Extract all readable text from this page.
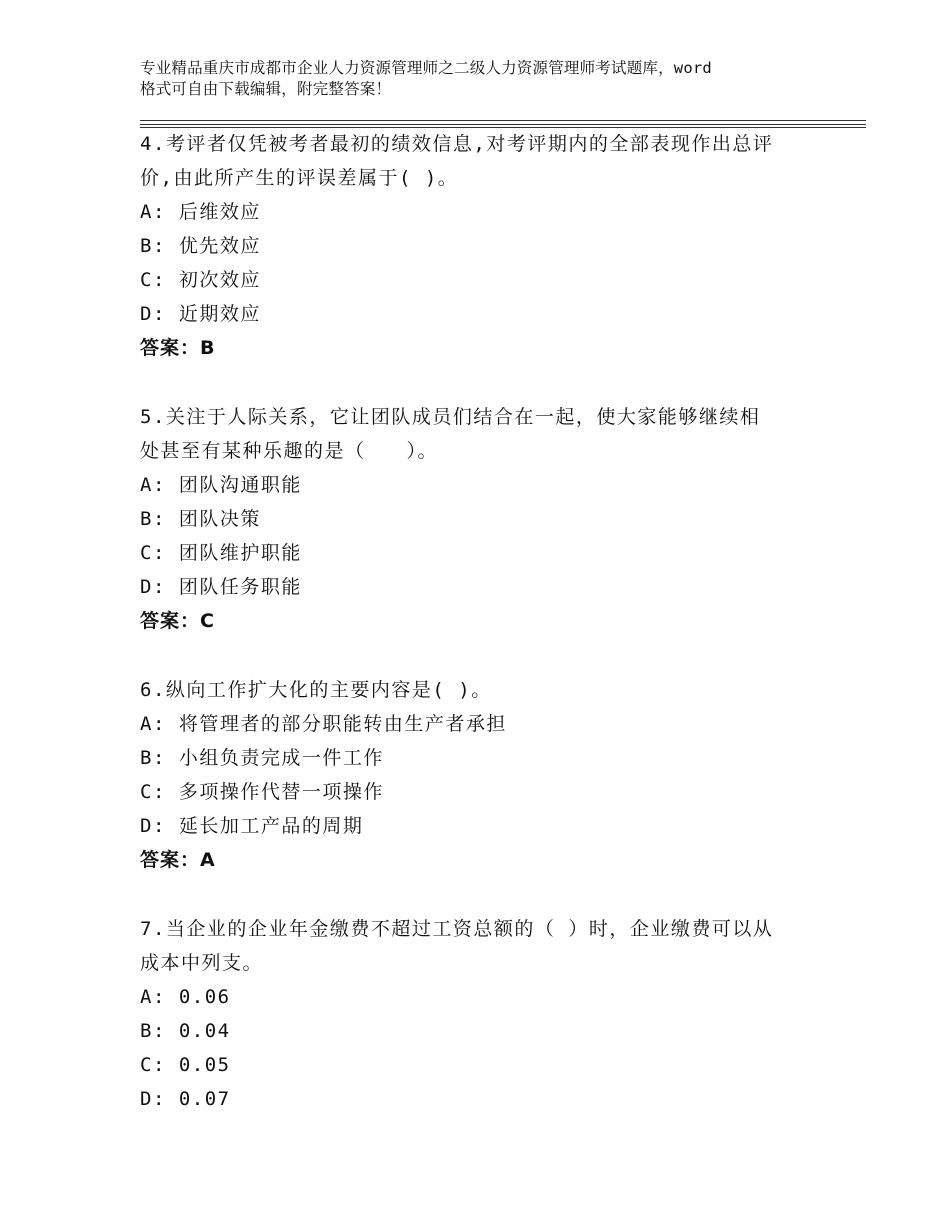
专业精品重庆市成都市企业人力资源管理师之二级人力资源管理师考试题库，word
格式可自由下载编辑，附完整答案！
4.考评者仅凭被考者最初的绩效信息,对考评期内的全部表现作出总评
价,由此所产生的评误差属于( )。
A: 后维效应
B: 优先效应
C: 初次效应
D: 近期效应
答案：B
5.关注于人际关系，它让团队成员们结合在一起，使大家能够继续相
处甚至有某种乐趣的是（　　）。
A: 团队沟通职能
B: 团队决策
C: 团队维护职能
D: 团队任务职能
答案：C
6.纵向工作扩大化的主要内容是( )。
A: 将管理者的部分职能转由生产者承担
B: 小组负责完成一件工作
C: 多项操作代替一项操作
D: 延长加工产品的周期
答案：A
7.当企业的企业年金缴费不超过工资总额的（ ）时，企业缴费可以从
成本中列支。
A: 0.06
B: 0.04
C: 0.05
D: 0.07
